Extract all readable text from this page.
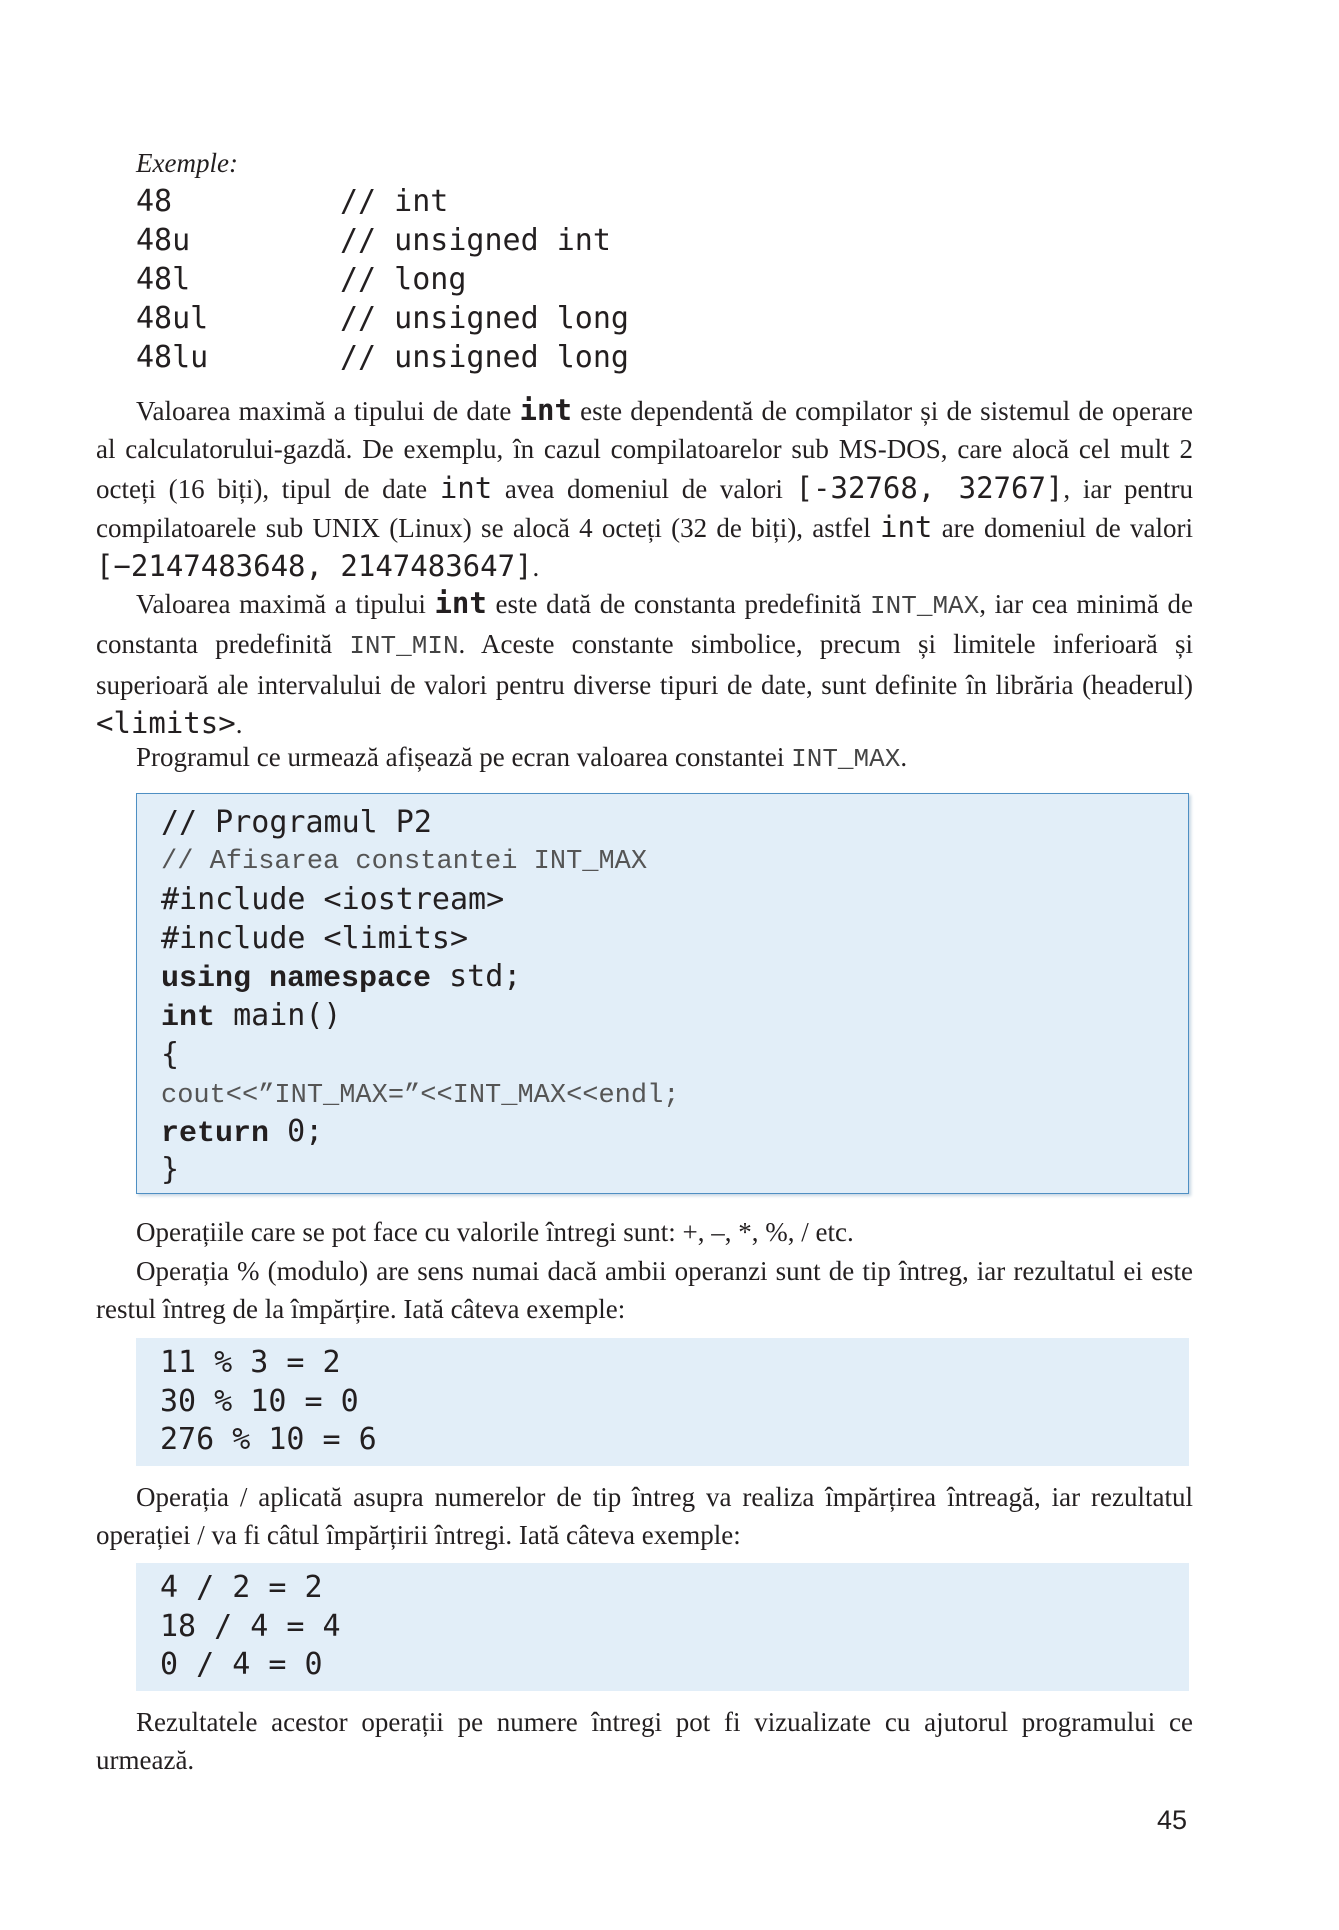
Exemple:
48	// int
48u	// unsigned int
48l	// long
48ul	// unsigned long
48lu	// unsigned long

Valoarea maximă a tipului de date int este dependentă de compilator și de sistemul de operare al calculatorului-gazdă. De exemplu, în cazul compilatoarelor sub MS-DOS, care alocă cel mult 2 octeți (16 biți), tipul de date int avea domeniul de valori [-32768, 32767], iar pentru compilatoarele sub UNIX (Linux) se alocă 4 octeți (32 de biți), astfel int are domeniul de valori [−2147483648, 2147483647].

Valoarea maximă a tipului int este dată de constanta predefinită INT_MAX, iar cea minimă de constanta predefinită INT_MIN. Aceste constante simbolice, precum și limitele inferioară și superioară ale intervalului de valori pentru diverse tipuri de date, sunt definite în librăria (headerul) <limits>.

Programul ce urmează afișează pe ecran valoarea constantei INT_MAX.

// Programul P2
// Afisarea constantei INT_MAX
#include <iostream>
#include <limits>
using namespace std;
int main()
{
cout<<”INT_MAX=”<<INT_MAX<<endl;
return 0;
}

Operațiile care se pot face cu valorile întregi sunt: +, –, *, %, / etc.

Operația % (modulo) are sens numai dacă ambii operanzi sunt de tip întreg, iar rezultatul ei este restul întreg de la împărțire. Iată câteva exemple:

11 % 3 = 2
30 % 10 = 0
276 % 10 = 6

Operația / aplicată asupra numerelor de tip întreg va realiza împărțirea întreagă, iar rezultatul operației / va fi câtul împărțirii întregi. Iată câteva exemple:

4 / 2 = 2
18 / 4 = 4
0 / 4 = 0

Rezultatele acestor operații pe numere întregi pot fi vizualizate cu ajutorul programului ce urmează.

45
